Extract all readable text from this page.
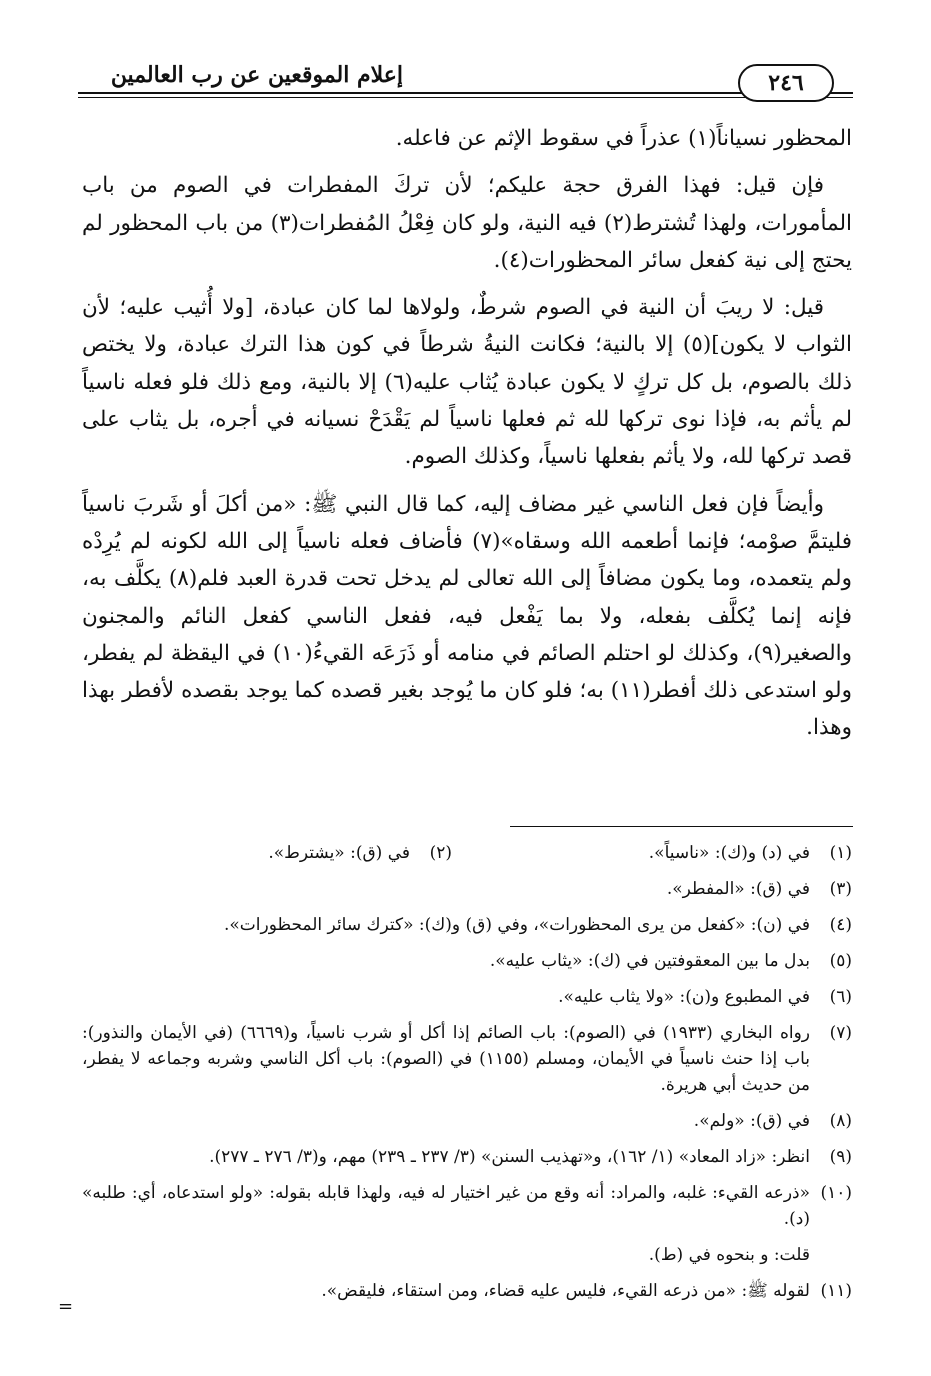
إعلام الموقعين عن رب العالمين	٢٤٦

المحظور نسياناً(١) عذراً في سقوط الإثم عن فاعله.

فإن قيل: فهذا الفرق حجة عليكم؛ لأن تركَ المفطرات في الصوم من باب المأمورات، ولهذا تُشترط(٢) فيه النية، ولو كان فِعْلُ المُفطرات(٣) من باب المحظور لم يحتج إلى نية كفعل سائر المحظورات(٤).

قيل: لا ريبَ أن النية في الصوم شرطٌ، ولولاها لما كان عبادة، [ولا أُثيب عليه؛ لأن الثواب لا يكون](٥) إلا بالنية؛ فكانت النيةُ شرطاً في كون هذا الترك عبادة، ولا يختص ذلك بالصوم، بل كل تركٍ لا يكون عبادة يُثاب عليه(٦) إلا بالنية، ومع ذلك فلو فعله ناسياً لم يأثم به، فإذا نوى تركها لله ثم فعلها ناسياً لم يَقْدَحْ نسيانه في أجره، بل يثاب على قصد تركها لله، ولا يأثم بفعلها ناسياً، وكذلك الصوم.

وأيضاً فإن فعل الناسي غير مضاف إليه، كما قال النبي ﷺ: «من أكلَ أو شَربَ ناسياً فليتمَّ صوْمه؛ فإنما أطعمه الله وسقاه»(٧) فأضاف فعله ناسياً إلى الله لكونه لم يُرِدْه ولم يتعمده، وما يكون مضافاً إلى الله تعالى لم يدخل تحت قدرة العبد فلم(٨) يكلَّف به، فإنه إنما يُكلَّف بفعله، ولا بما يَفْعل فيه، ففعل الناسي كفعل النائم والمجنون والصغير(٩)، وكذلك لو احتلم الصائم في منامه أو ذَرَعَه القيءُ(١٠) في اليقظة لم يفطر، ولو استدعى ذلك أفطر(١١) به؛ فلو كان ما يُوجد بغير قصده كما يوجد بقصده لأفطر بهذا وهذا.

(١)
في (د) و(ك): «ناسياً».
(٢)
في (ق): «يشترط».
(٣)
في (ق): «المفطر».
(٤)
في (ن): «كفعل من يرى المحظورات»، وفي (ق) و(ك): «كترك سائر المحظورات».
(٥)
بدل ما بين المعقوفتين في (ك): «يثاب عليه».
(٦)
في المطبوع و(ن): «ولا يثاب عليه».
(٧)
رواه البخاري (١٩٣٣) في (الصوم): باب الصائم إذا أكل أو شرب ناسياً، و(٦٦٦٩) (في الأيمان والنذور): باب إذا حنث ناسياً في الأيمان، ومسلم (١١٥٥) في (الصوم): باب أكل الناسي وشربه وجماعه لا يفطر، من حديث أبي هريرة.
(٨)
في (ق): «ولم».
(٩)
انظر: «زاد المعاد» (١/ ١٦٢)، و«تهذيب السنن» (٣/ ٢٣٧ ـ ٢٣٩) مهم، و(٣/ ٢٧٦ ـ ٢٧٧).
(١٠)
«ذرعه القيء: غلبه، والمراد: أنه وقع من غير اختيار له فيه، ولهذا قابله بقوله: «ولو استدعاه، أي: طلبه» (د).
قلت: و بنحوه في (ط).
(١١)
لقوله ﷺ: «من ذرعه القيء، فليس عليه قضاء، ومن استقاء، فليقض».
=
